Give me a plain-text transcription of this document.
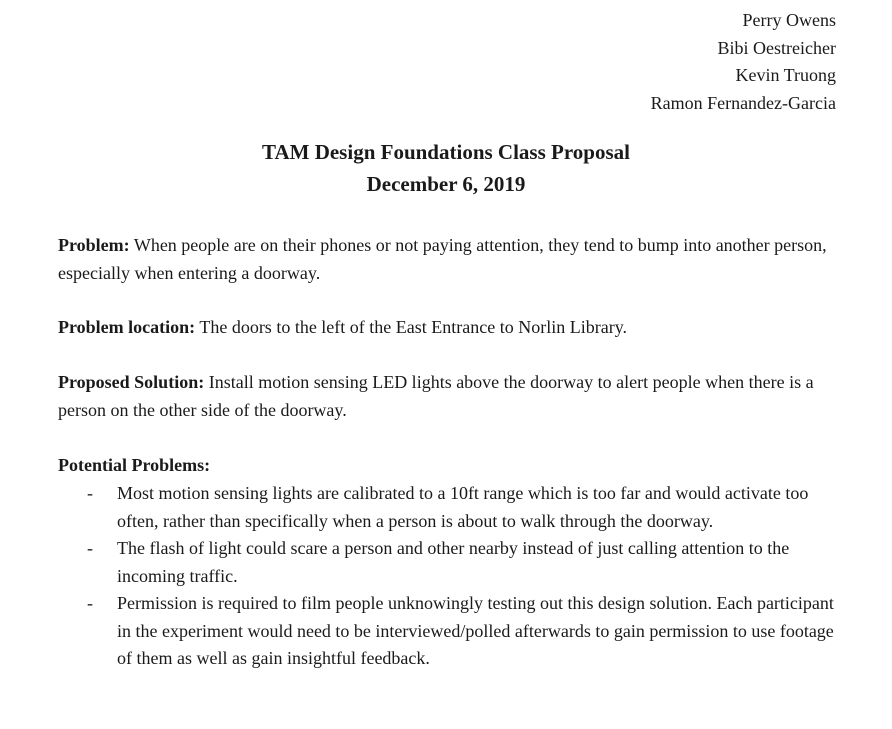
Perry Owens
Bibi Oestreicher
Kevin Truong
Ramon Fernandez-Garcia
TAM Design Foundations Class Proposal
December 6, 2019
Problem: When people are on their phones or not paying attention, they tend to bump into another person, especially when entering a doorway.
Problem location: The doors to the left of the East Entrance to Norlin Library.
Proposed Solution: Install motion sensing LED lights above the doorway to alert people when there is a person on the other side of the doorway.
Potential Problems:
- Most motion sensing lights are calibrated to a 10ft range which is too far and would activate too often, rather than specifically when a person is about to walk through the doorway.
- The flash of light could scare a person and other nearby instead of just calling attention to the incoming traffic.
- Permission is required to film people unknowingly testing out this design solution. Each participant in the experiment would need to be interviewed/polled afterwards to gain permission to use footage of them as well as gain insightful feedback.
